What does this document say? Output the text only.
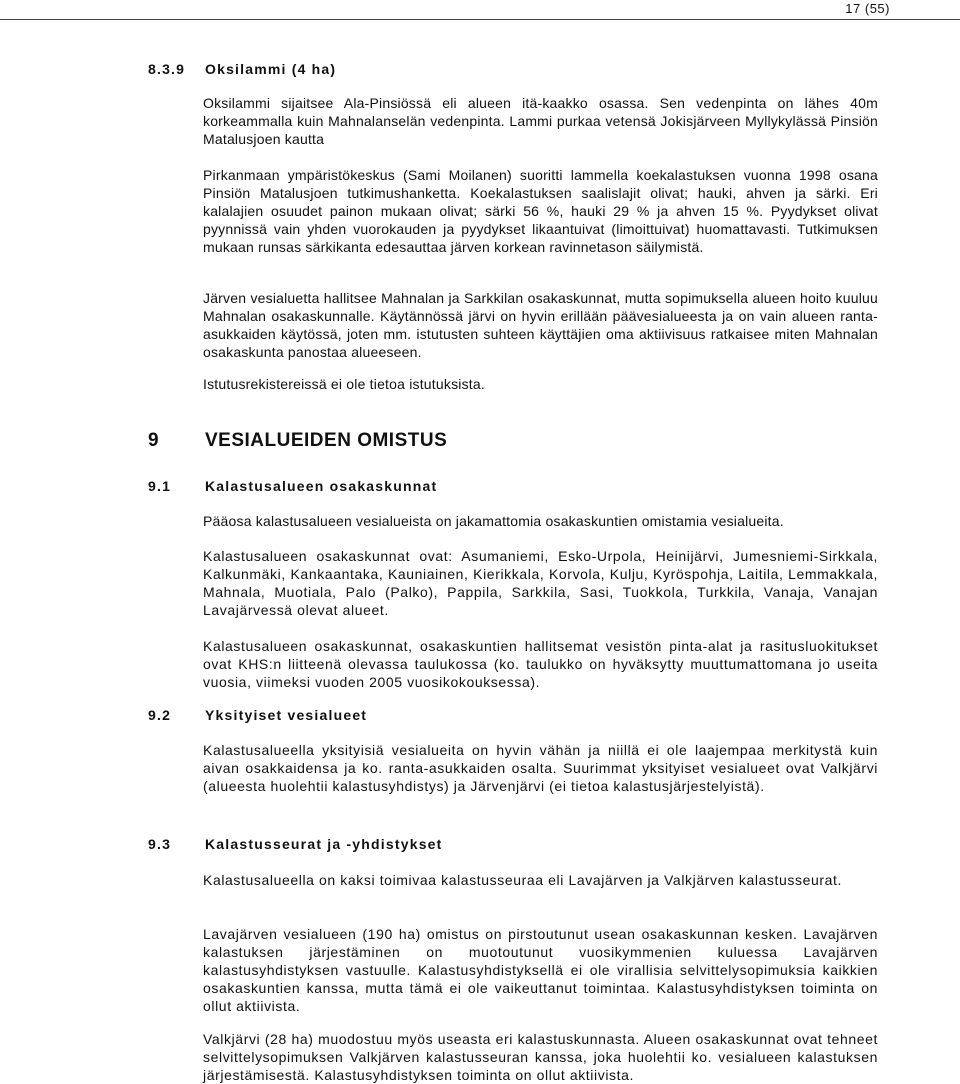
17 (55)
8.3.9 Oksilammi (4 ha)
Oksilammi sijaitsee Ala-Pinsiössä eli alueen itä-kaakko osassa. Sen vedenpinta on lähes 40m korkeammalla kuin Mahnalanselän vedenpinta. Lammi purkaa vetensä Jokisjärveen Myllykylässä Pinsiön Matalusjoen kautta
Pirkanmaan ympäristökeskus (Sami Moilanen) suoritti lammella koekalastuksen vuonna 1998 osana Pinsiön Matalusjoen tutkimushanketta. Koekalastuksen saalislajit olivat; hauki, ahven ja särki. Eri kalalajien osuudet painon mukaan olivat; särki 56 %, hauki 29 % ja ahven 15 %. Pyydykset olivat pyynnissä vain yhden vuorokauden ja pyydykset likaantuivat (limoittuivat) huomattavasti. Tutkimuksen mukaan runsas särkikanta edesauttaa järven korkean ravinnetason säilymistä.
Järven vesialuetta hallitsee Mahnalan ja Sarkkilan osakaskunnat, mutta sopimuksella alueen hoito kuuluu Mahnalan osakaskunnalle. Käytännössä järvi on hyvin erillään päävesialueesta ja on vain alueen ranta-asukkaiden käytössä, joten mm. istutusten suhteen käyttäjien oma aktiivisuus ratkaisee miten Mahnalan osakaskunta panostaa alueeseen.
Istutusrekistereissä ei ole tietoa istutuksista.
9 VESIALUEIDEN OMISTUS
9.1 Kalastusalueen osakaskunnat
Pääosa kalastusalueen vesialueista on jakamattomia osakaskuntien omistamia vesialueita.
Kalastusalueen osakaskunnat ovat: Asumaniemi, Esko-Urpola, Heinijärvi, Jumesniemi-Sirkkala, Kalkunmäki, Kankaantaka, Kauniainen, Kierikkala, Korvola, Kulju, Kyröspohja, Laitila, Lemmakkala, Mahnala, Muotiala, Palo (Palko), Pappila, Sarkkila, Sasi, Tuokkola, Turkkila, Vanaja, Vanajan Lavajärvessä olevat alueet.
Kalastusalueen osakaskunnat, osakaskuntien hallitsemat vesistön pinta-alat ja rasitusluokitukset ovat KHS:n liitteenä olevassa taulukossa (ko. taulukko on hyväksytty muuttumattomana jo useita vuosia, viimeksi vuoden 2005 vuosikokouksessa).
9.2 Yksityiset vesialueet
Kalastusalueella yksityisiä vesialueita on hyvin vähän ja niillä ei ole laajempaa merkitystä kuin aivan osakkaidensa ja ko. ranta-asukkaiden osalta. Suurimmat yksityiset vesialueet ovat Valkjärvi (alueesta huolehtii kalastusyhdistys) ja Järvenjärvi (ei tietoa kalastusjärjestelyistä).
9.3 Kalastusseurat ja -yhdistykset
Kalastusalueella on kaksi toimivaa kalastusseuraa eli Lavajärven ja Valkjärven kalastusseurat.
Lavajärven vesialueen (190 ha) omistus on pirstoutunut usean osakaskunnan kesken. Lavajärven kalastuksen järjestäminen on muotoutunut vuosikymmenien kuluessa Lavajärven kalastusyhdistyksen vastuulle. Kalastusyhdistyksellä ei ole virallisia selvittelysopimuksia kaikkien osakaskuntien kanssa, mutta tämä ei ole vaikeuttanut toimintaa. Kalastusyhdistyksen toiminta on ollut aktiivista.
Valkjärvi (28 ha) muodostuu myös useasta eri kalastuskunnasta. Alueen osakaskunnat ovat tehneet selvittelysopimuksen Valkjärven kalastusseuran kanssa, joka huolehtii ko. vesialueen kalastuksen järjestämisestä. Kalastusyhdistyksen toiminta on ollut aktiivista.
